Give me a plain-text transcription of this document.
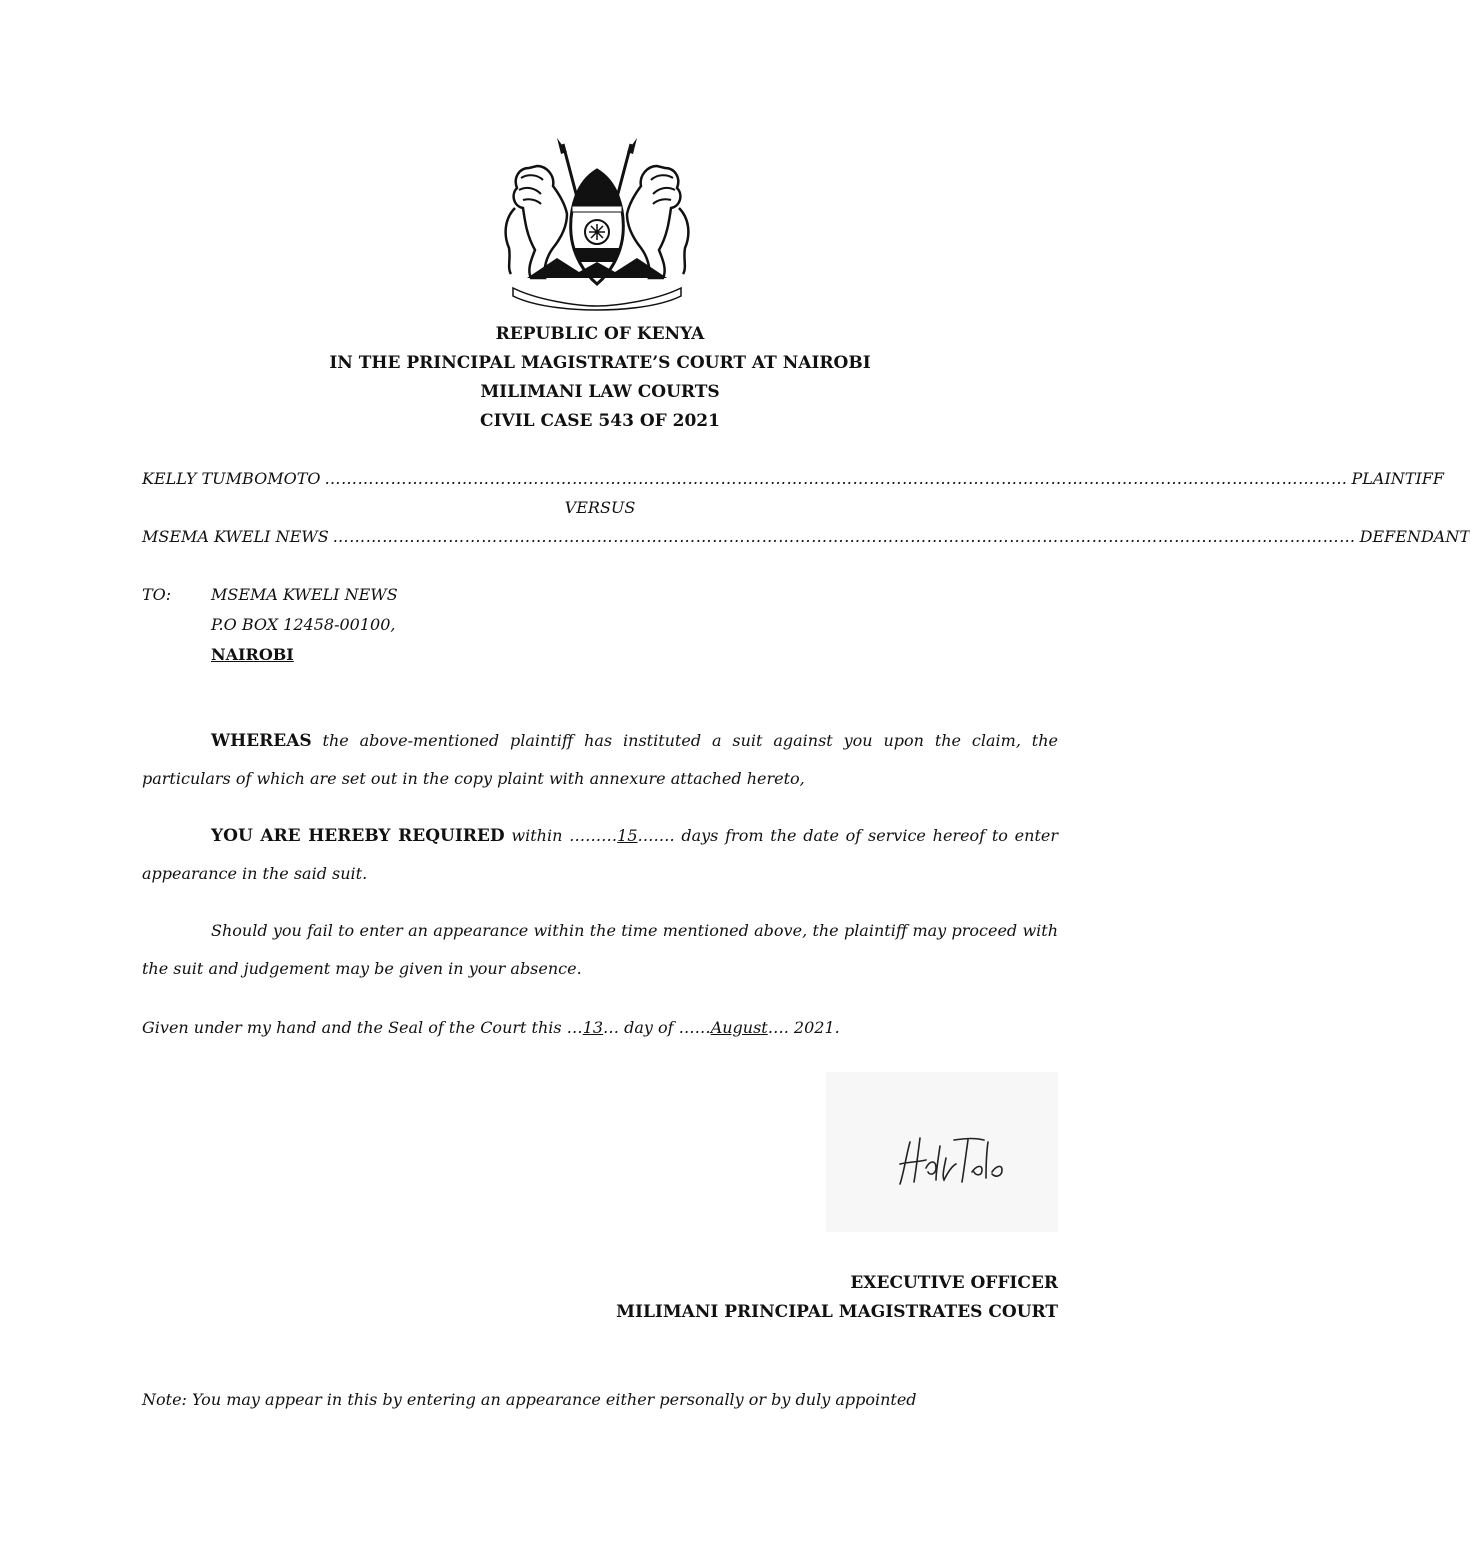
REPUBLIC OF KENYA
IN THE PRINCIPAL MAGISTRATE’S COURT AT NAIROBI
MILIMANI LAW COURTS
CIVIL CASE 543 OF 2021
KELLY TUMBOMOTO …………………………………………………………………………………………………………………………………………………………………… PLAINTIFF
VERSUS
MSEMA KWELI NEWS …………………………………………………………………………………………………………………………………………………………………… DEFENDANT
TO: MSEMA KWELI NEWS
P.O BOX 12458-00100,
NAIROBI
WHEREAS the above-mentioned plaintiff has instituted a suit against you upon the claim, the particulars of which are set out in the copy plaint with annexure attached hereto,
YOU ARE HEREBY REQUIRED within ………15……. days from the date of service hereof to enter appearance in the said suit.
Should you fail to enter an appearance within the time mentioned above, the plaintiff may proceed with the suit and judgement may be given in your absence.
Given under my hand and the Seal of the Court this …13… day of ……August…. 2021.
EXECUTIVE OFFICER
MILIMANI PRINCIPAL MAGISTRATES COURT
Note: You may appear in this by entering an appearance either personally or by duly appointed
